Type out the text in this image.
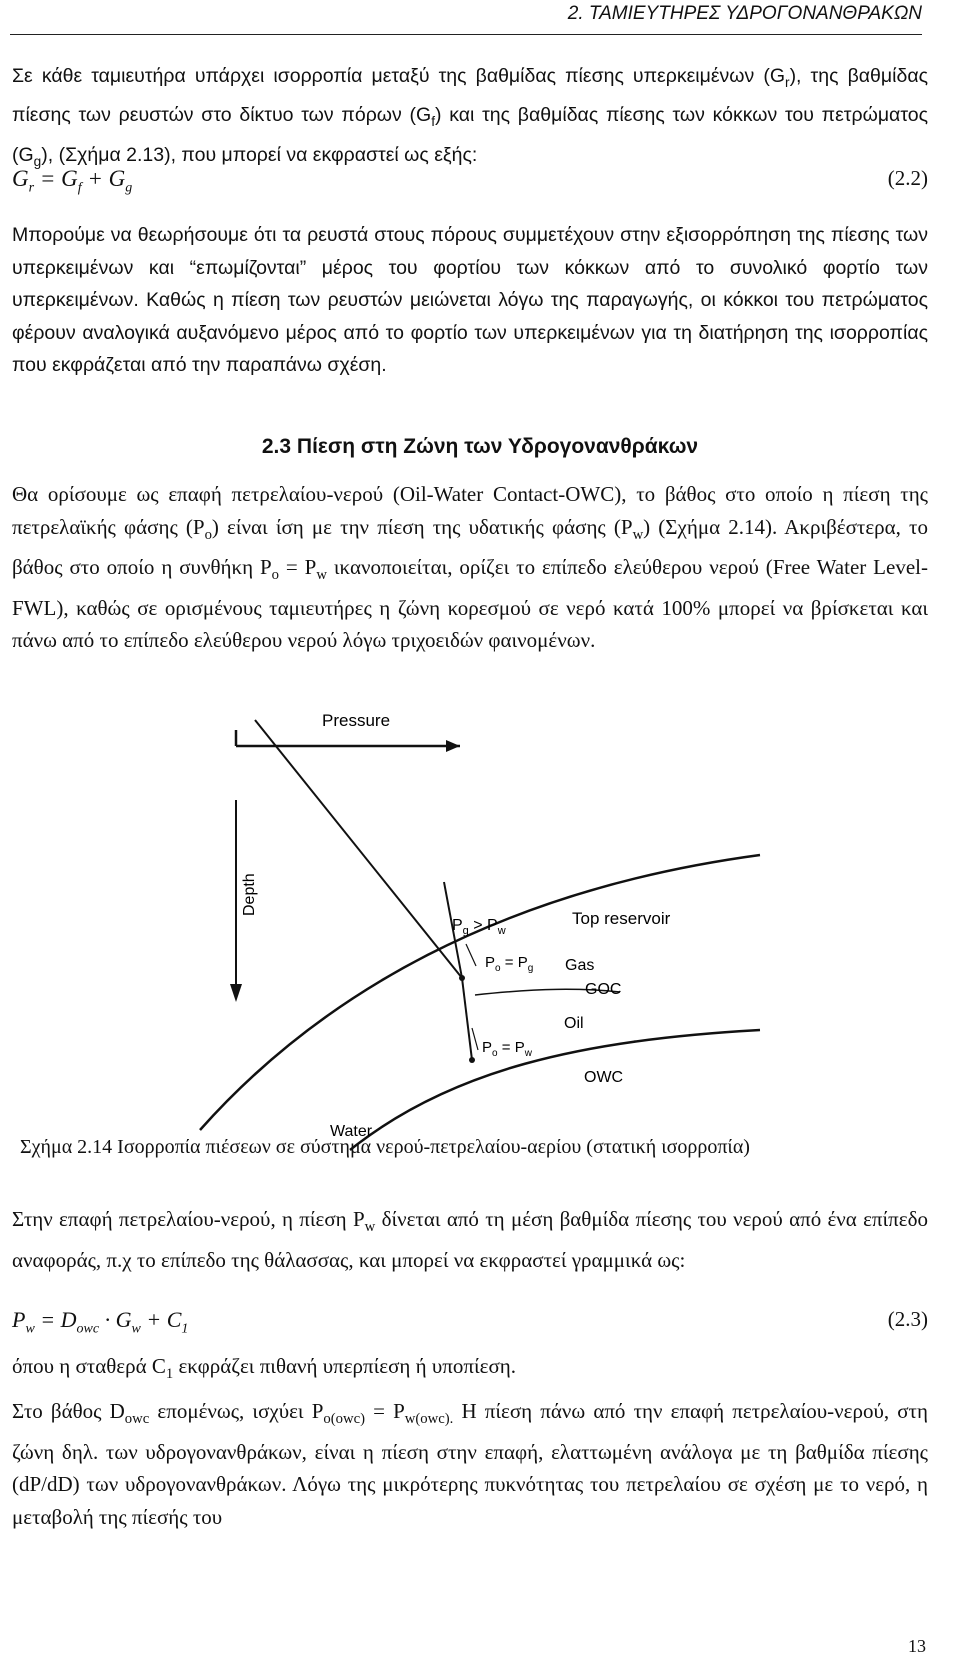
2. ΤΑΜΙΕΥΤΗΡΕΣ ΥΔΡΟΓΟΝΑΝΘΡΑΚΩΝ

Σε κάθε ταμιευτήρα υπάρχει ισορροπία μεταξύ της βαθμίδας πίεσης υπερκειμένων $(G_r)$, της βαθμίδας πίεσης των ρευστών στο δίκτυο των πόρων $(G_f)$ και της βαθμίδας πίεσης των κόκκων του πετρώματος $(G_g)$, (Σχήμα 2.13), που μπορεί να εκφραστεί ως εξής:

$G_r = G_f + G_g$	(2.2)

Μπορούμε να θεωρήσουμε ότι τα ρευστά στους πόρους συμμετέχουν στην εξισορρόπηση της πίεσης των υπερκειμένων και “επωμίζονται” μέρος του φορτίου των κόκκων από το συνολικό φορτίο των υπερκειμένων. Καθώς η πίεση των ρευστών μειώνεται λόγω της παραγωγής, οι κόκκοι του πετρώματος φέρουν αναλογικά αυξανόμενο μέρος από το φορτίο των υπερκειμένων για τη διατήρηση της ισορροπίας που εκφράζεται από την παραπάνω σχέση.

2.3 Πίεση στη Ζώνη των Υδρογονανθράκων

Θα ορίσουμε ως επαφή πετρελαίου-νερού (Oil-Water Contact-OWC), το βάθος στο οποίο η πίεση της πετρελαϊκής φάσης $(P_o)$ είναι ίση με την πίεση της υδατικής φάσης $(P_w)$ (Σχήμα 2.14). Ακριβέστερα, το βάθος στο οποίο η συνθήκη $P_o = P_w$ ικανοποιείται, ορίζει το επίπεδο ελεύθερου νερού (Free Water Level-FWL), καθώς σε ορισμένους ταμιευτήρες η ζώνη κορεσμού σε νερό κατά 100% μπορεί να βρίσκεται και πάνω από το επίπεδο ελεύθερου νερού λόγω τριχοειδών φαινομένων.

Pressure
Depth
$P_g > P_w$
Top reservoir
$P_o = P_g$ Gas
GOC
$P_o = P_w$
Oil
OWC
Water
Σχήμα 2.14 Ισορροπία πιέσεων σε σύστημα νερού-πετρελαίου-αερίου (στατική ισορροπία)

Στην επαφή πετρελαίου-νερού, η πίεση $P_w$ δίνεται από τη μέση βαθμίδα πίεσης του νερού από ένα επίπεδο αναφοράς, π.χ το επίπεδο της θάλασσας, και μπορεί να εκφραστεί γραμμικά ως:

$P_w = D_{owc} \cdot G_w + C_1$	(2.3)

όπου η σταθερά $C_1$ εκφράζει πιθανή υπερπίεση ή υποπίεση.

Στο βάθος $D_{owc}$ επομένως, ισχύει $P_{o(owc)} = P_{w(owc).}$ Η πίεση πάνω από την επαφή πετρελαίου-νερού, στη ζώνη δηλ. των υδρογονανθράκων, είναι η πίεση στην επαφή, ελαττωμένη ανάλογα με τη βαθμίδα πίεσης (dP/dD) των υδρογονανθράκων. Λόγω της μικρότερης πυκνότητας του πετρελαίου σε σχέση με το νερό, η μεταβολή της πίεσής του

13
